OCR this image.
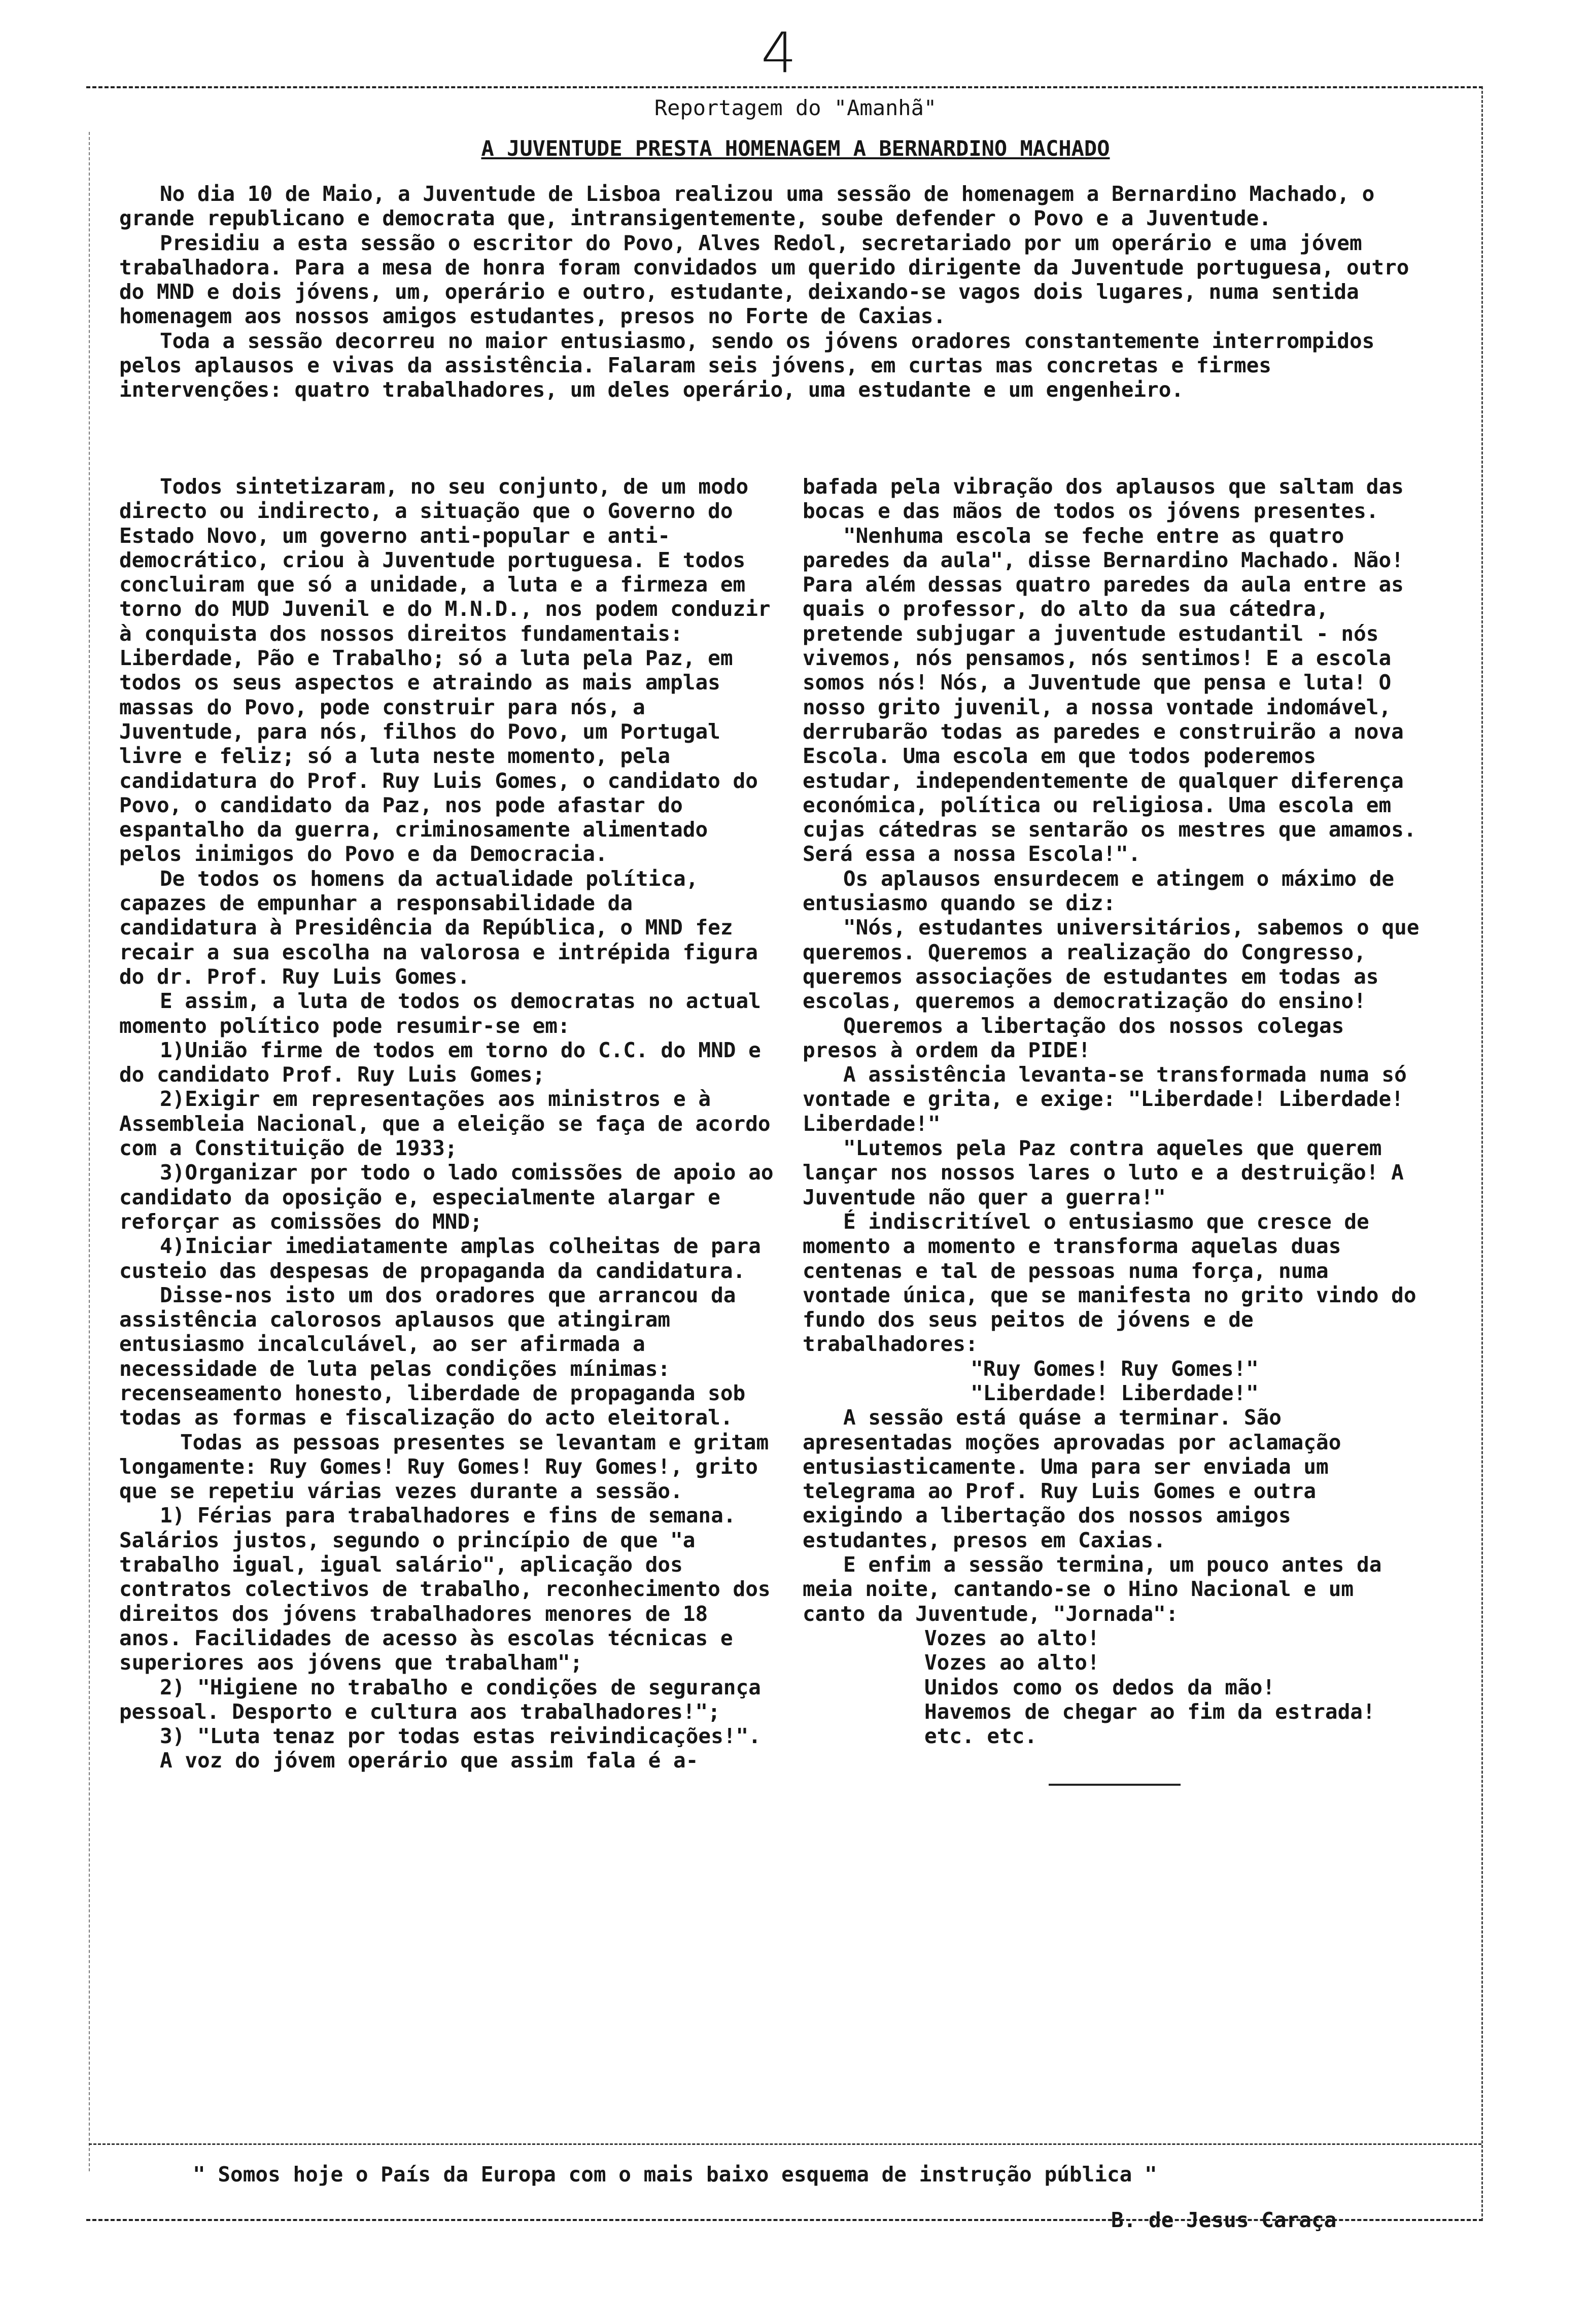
4
Reportagem do "Amanhã"
A JUVENTUDE PRESTA HOMENAGEM A BERNARDINO MACHADO

No dia 10 de Maio, a Juventude de Lisboa realizou uma sessão de homenagem a Bernardino Machado, o grande republicano e democrata que, intransigentemente, soube defender o Povo e a Juventude.

Presidiu a esta sessão o escritor do Povo, Alves Redol, secretariado por um operário e uma jóvem trabalhadora. Para a mesa de honra foram convidados um querido dirigente da Juventude portuguesa, outro do MND e dois jóvens, um, operário e outro, estudante, deixando-se vagos dois lugares, numa sentida homenagem aos nossos amigos estudantes, presos no Forte de Caxias.

Toda a sessão decorreu no maior entusiasmo, sendo os jóvens oradores constantemente interrompidos pelos aplausos e vivas da assistência. Falaram seis jóvens, em curtas mas concretas e firmes intervenções: quatro trabalhadores, um deles operário, uma estudante e um engenheiro.

Todos sintetizaram, no seu conjunto, de um modo directo ou indirecto, a situação que o Governo do Estado Novo, um governo anti-popular e anti-democrático, criou à Juventude portuguesa. E todos concluiram que só a unidade, a luta e a firmeza em torno do MUD Juvenil e do M.N.D., nos podem conduzir à conquista dos nossos direitos fundamentais: Liberdade, Pão e Trabalho; só a luta pela Paz, em todos os seus aspectos e atraindo as mais amplas massas do Povo, pode construir para nós, a Juventude, para nós, filhos do Povo, um Portugal livre e feliz; só a luta neste momento, pela candidatura do Prof. Ruy Luis Gomes, o candidato do Povo, o candidato da Paz, nos pode afastar do espantalho da guerra, criminosamente alimentado pelos inimigos do Povo e da Democracia.

De todos os homens da actualidade política, capazes de empunhar a responsabilidade da candidatura à Presidência da República, o MND fez recair a sua escolha na valorosa e intrépida figura do dr. Prof. Ruy Luis Gomes.

E assim, a luta de todos os democratas no actual momento político pode resumir-se em:

1)União firme de todos em torno do C.C. do MND e do candidato Prof. Ruy Luis Gomes;

2)Exigir em representações aos ministros e à Assembleia Nacional, que a eleição se faça de acordo com a Constituição de 1933;

3)Organizar por todo o lado comissões de apoio ao candidato da oposição e, especialmente alargar e reforçar as comissões do MND;

4)Iniciar imediatamente amplas colheitas de para custeio das despesas de propaganda da candidatura.

Disse-nos isto um dos oradores que arrancou da assistência calorosos aplausos que atingiram entusiasmo incalculável, ao ser afirmada a necessidade de luta pelas condições mínimas: recenseamento honesto, liberdade de propaganda sob todas as formas e fiscalização do acto eleitoral.

Todas as pessoas presentes se levantam e gritam longamente: Ruy Gomes! Ruy Gomes! Ruy Gomes!, grito que se repetiu várias vezes durante a sessão.

1) Férias para trabalhadores e fins de semana. Salários justos, segundo o princípio de que "a trabalho igual, igual salário", aplicação dos contratos colectivos de trabalho, reconhecimento dos direitos dos jóvens trabalhadores menores de 18 anos. Facilidades de acesso às escolas técnicas e superiores aos jóvens que trabalham";

2) "Higiene no trabalho e condições de segurança pessoal. Desporto e cultura aos trabalhadores!";

3) "Luta tenaz por todas estas reivindicações!".

A voz do jóvem operário que assim fala é a-

bafada pela vibração dos aplausos que saltam das bocas e das mãos de todos os jóvens presentes.

"Nenhuma escola se feche entre as quatro paredes da aula", disse Bernardino Machado. Não! Para além dessas quatro paredes da aula entre as quais o professor, do alto da sua cátedra, pretende subjugar a juventude estudantil - nós vivemos, nós pensamos, nós sentimos! E a escola somos nós! Nós, a Juventude que pensa e luta! O nosso grito juvenil, a nossa vontade indomável, derrubarão todas as paredes e construirão a nova Escola. Uma escola em que todos poderemos estudar, independentemente de qualquer diferença económica, política ou religiosa. Uma escola em cujas cátedras se sentarão os mestres que amamos. Será essa a nossa Escola!".

Os aplausos ensurdecem e atingem o máximo de entusiasmo quando se diz:

"Nós, estudantes universitários, sabemos o que queremos. Queremos a realização do Congresso, queremos associações de estudantes em todas as escolas, queremos a democratização do ensino!

Queremos a libertação dos nossos colegas presos à ordem da PIDE!

A assistência levanta-se transformada numa só vontade e grita, e exige: "Liberdade! Liberdade! Liberdade!"

"Lutemos pela Paz contra aqueles que querem lançar nos nossos lares o luto e a destruição! A Juventude não quer a guerra!"

É indiscritível o entusiasmo que cresce de momento a momento e transforma aquelas duas centenas e tal de pessoas numa força, numa vontade única, que se manifesta no grito vindo do fundo dos seus peitos de jóvens e de trabalhadores:

"Ruy Gomes! Ruy Gomes!"
"Liberdade! Liberdade!"

A sessão está quáse a terminar. São apresentadas moções aprovadas por aclamação entusiasticamente. Uma para ser enviada um telegrama ao Prof. Ruy Luis Gomes e outra exigindo a libertação dos nossos amigos estudantes, presos em Caxias.

E enfim a sessão termina, um pouco antes da meia noite, cantando-se o Hino Nacional e um canto da Juventude, "Jornada":

Vozes ao alto!
Vozes ao alto!
Unidos como os dedos da mão!
Havemos de chegar ao fim da estrada! etc. etc.

" Somos hoje o País da Europa com o mais baixo esquema de instrução pública "
B. de Jesus Caraça
